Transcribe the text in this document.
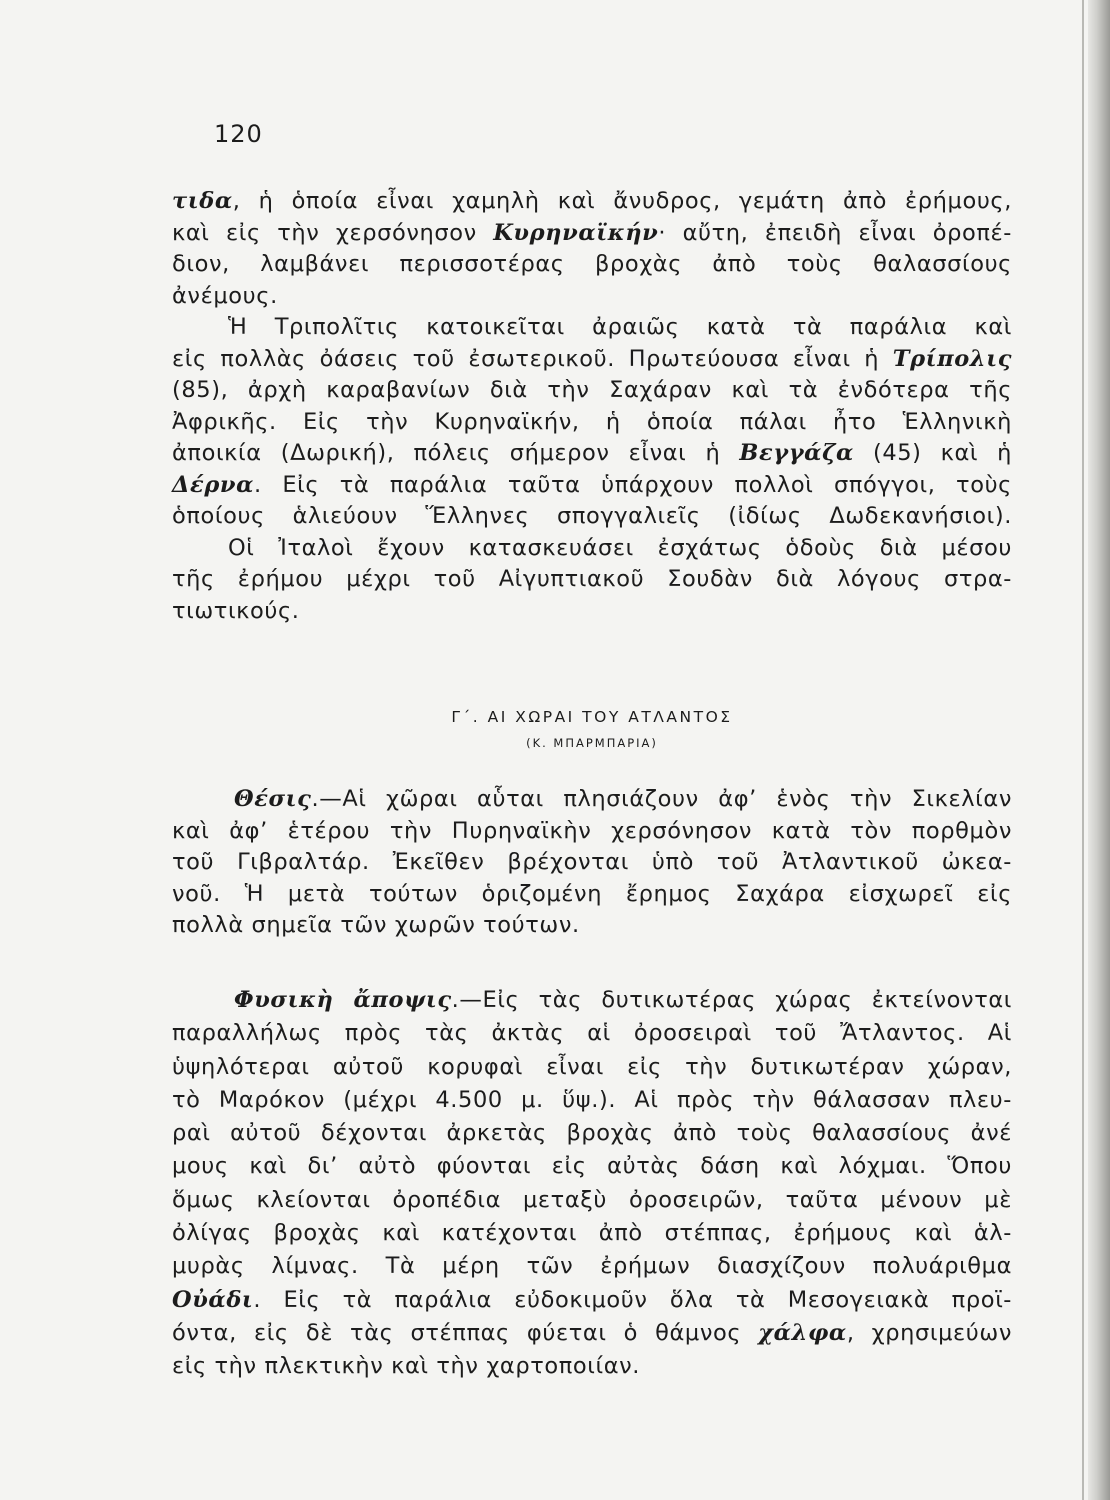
120

τιδα, ἡ ὁποία εἶναι χαμηλὴ καὶ ἄνυδρος, γεμάτη ἀπὸ ἐρήμους,

καὶ εἰς τὴν χερσόνησον Κυρηναϊκήν· αὔτη, ἐπειδὴ εἶναι ὀροπέ-

διον, λαμβάνει περισσοτέρας βροχὰς ἀπὸ τοὺς θαλασσίους

ἀνέμους.

Ἡ Τριπολῖτις κατοικεῖται ἀραιῶς κατὰ τὰ παράλια καὶ

εἰς πολλὰς ὀάσεις τοῦ ἐσωτερικοῦ. Πρωτεύουσα εἶναι ἡ Τρίπολις

(85), ἀρχὴ καραβανίων διὰ τὴν Σαχάραν καὶ τὰ ἐνδότερα τῆς

Ἀφρικῆς. Εἰς τὴν Κυρηναϊκήν, ἡ ὁποία πάλαι ἦτο Ἑλληνικὴ

ἀποικία (Δωρική), πόλεις σήμερον εἶναι ἡ Βεγγάζα (45) καὶ ἡ

Δέρνα. Εἰς τὰ παράλια ταῦτα ὑπάρχουν πολλοὶ σπόγγοι, τοὺς

ὁποίους ἁλιεύουν Ἕλληνες σπογγαλιεῖς (ἰδίως Δωδεκανήσιοι).

Οἱ Ἰταλοὶ ἔχουν κατασκευάσει ἐσχάτως ὁδοὺς διὰ μέσου

τῆς ἐρήμου μέχρι τοῦ Αἰγυπτιακοῦ Σουδὰν διὰ λόγους στρα-

τιωτικούς.

Γ΄. ΑΙ ΧΩΡΑΙ ΤΟΥ ΑΤΛΑΝΤΟΣ
(Κ. ΜΠΑΡΜΠΑΡΙΑ)

Θέσις.—Αἱ χῶραι αὗται πλησιάζουν ἀφ’ ἑνὸς τὴν Σικελίαν

καὶ ἀφ’ ἑτέρου τὴν Πυρηναϊκὴν χερσόνησον κατὰ τὸν πορθμὸν

τοῦ Γιβραλτάρ. Ἐκεῖθεν βρέχονται ὑπὸ τοῦ Ἀτλαντικοῦ ὠκεα-

νοῦ. Ἡ μετὰ τούτων ὁριζομένη ἔρημος Σαχάρα εἰσχωρεῖ εἰς

πολλὰ σημεῖα τῶν χωρῶν τούτων.

Φυσικὴ ἄποψις.—Εἰς τὰς δυτικωτέρας χώρας ἐκτείνονται

παραλλήλως πρὸς τὰς ἀκτὰς αἱ ὀροσειραὶ τοῦ Ἄτλαντος. Αἱ

ὑψηλότεραι αὐτοῦ κορυφαὶ εἶναι εἰς τὴν δυτικωτέραν χώραν,

τὸ Μαρόκον (μέχρι 4.500 μ. ὕψ.). Αἱ πρὸς τὴν θάλασσαν πλευ-

ραὶ αὐτοῦ δέχονται ἀρκετὰς βροχὰς ἀπὸ τοὺς θαλασσίους ἀνέ

μους καὶ δι’ αὐτὸ φύονται εἰς αὐτὰς δάση καὶ λόχμαι. Ὅπου

ὅμως κλείονται ὀροπέδια μεταξὺ ὀροσειρῶν, ταῦτα μένουν μὲ

ὀλίγας βροχὰς καὶ κατέχονται ἀπὸ στέππας, ἐρήμους καὶ ἁλ-

μυρὰς λίμνας. Τὰ μέρη τῶν ἐρήμων διασχίζουν πολυάριθμα

Οὐάδι. Εἰς τὰ παράλια εὐδοκιμοῦν ὅλα τὰ Μεσογειακὰ προϊ-

όντα, εἰς δὲ τὰς στέππας φύεται ὁ θάμνος χάλφα, χρησιμεύων

εἰς τὴν πλεκτικὴν καὶ τὴν χαρτοποιίαν.
